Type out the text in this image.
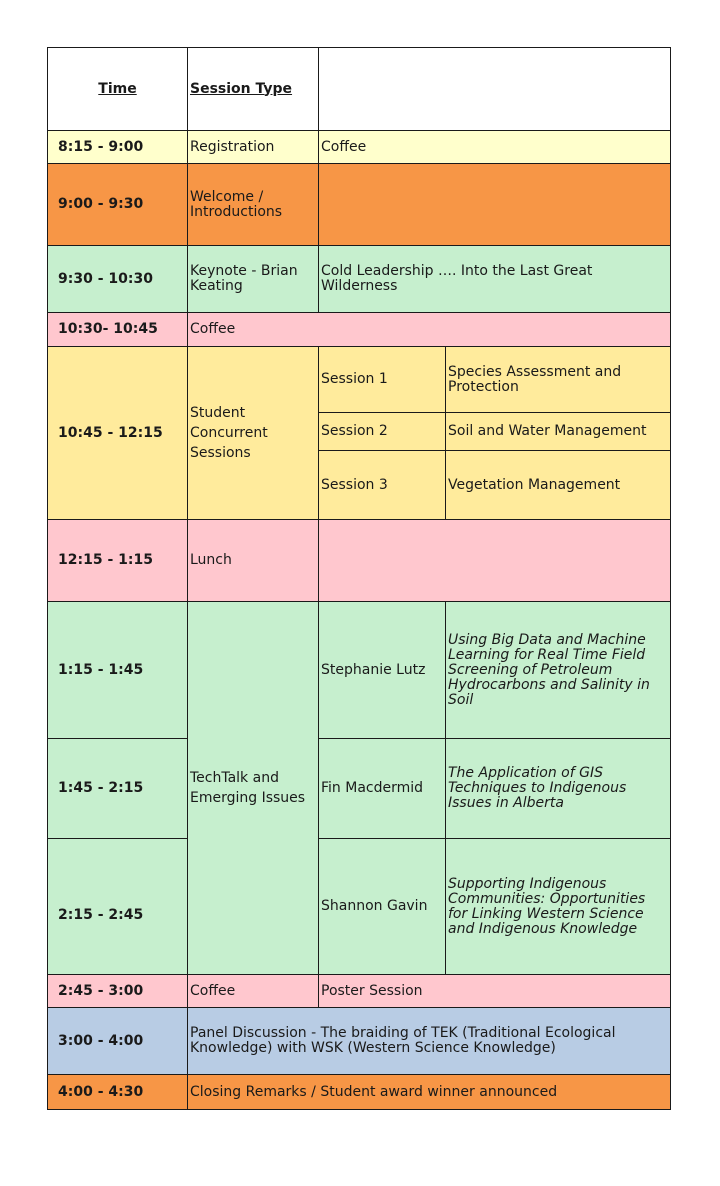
Time	Session Type		
8:15 - 9:00	Registration	Coffee	
9:00 - 9:30	Welcome / Introductions		
9:30 - 10:30	Keynote - Brian Keating	Cold Leadership …. Into the Last Great Wilderness	
10:30- 10:45	Coffee		
10:45 - 12:15	Student Concurrent Sessions	Session 1	Species Assessment and Protection
		Session 2	Soil and Water Management
		Session 3	Vegetation Management
12:15 - 1:15	Lunch		
1:15 - 1:45	TechTalk and Emerging Issues	Stephanie Lutz	Using Big Data and Machine Learning for Real Time Field Screening of Petroleum Hydrocarbons and Salinity in Soil
1:45 - 2:15		Fin Macdermid	The Application of GIS Techniques to Indigenous Issues in Alberta
2:15 - 2:45		Shannon Gavin	Supporting Indigenous Communities: Opportunities for Linking Western Science and Indigenous Knowledge
2:45 - 3:00	Coffee	Poster Session	
3:00 - 4:00	Panel Discussion - The braiding of TEK (Traditional Ecological Knowledge) with WSK (Western Science Knowledge)		
4:00 - 4:30	Closing Remarks / Student award winner announced		
